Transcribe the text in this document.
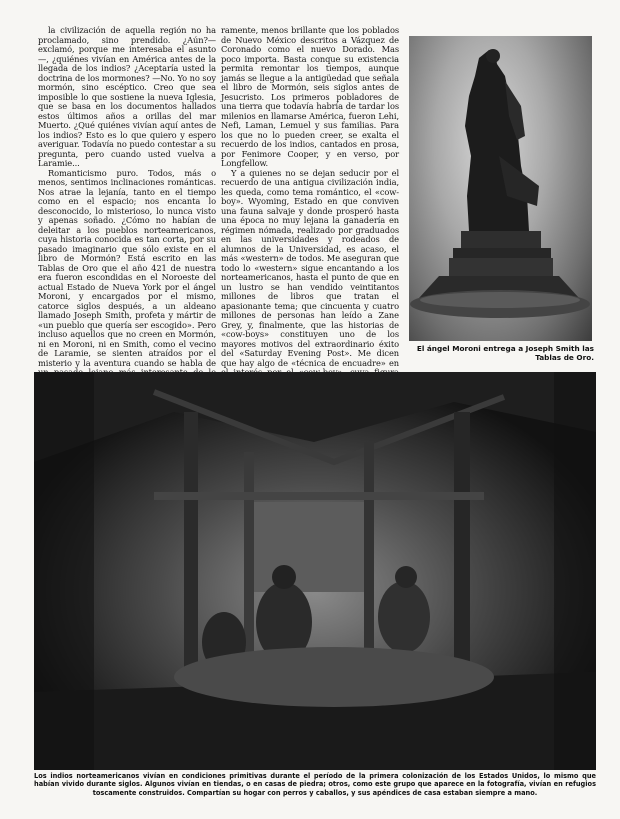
la civilización de aquella región no ha proclamado, sino prendido. ¿Aún?—exclamó, porque me interesaba el asunto—, ¿quiénes vivían en América antes de la llegada de los indios? ¿Aceptaría usted la doctrina de los mormones? —No. Yo no soy mormón, sino escéptico. Creo que sea imposible lo que sostiene la nueva Iglesia, que se basa en los documentos hallados estos últimos años a orillas del mar Muerto. ¿Qué quiénes vivían aquí antes de los indios? Esto es lo que quiero y espero averiguar. Todavía no puedo contestar a su pregunta, pero cuando usted vuelva a Laramie...

Romanticismo puro. Todos, más o menos, sentimos inclinaciones románticas. Nos atrae la lejanía, tanto en el tiempo como en el espacio; nos encanta lo desconocido, lo misterioso, lo nunca visto y apenas soñado. ¿Cómo no habían de deleitar a los pueblos norteamericanos, cuya historia conocida es tan corta, por su pasado imaginario que sólo existe en el libro de Mormón? Está escrito en las Tablas de Oro que el año 421 de nuestra era fueron escondidas en el Noroeste del actual Estado de Nueva York por el ángel Moroni, y encargados por el mismo, catorce siglos después, a un aldeano llamado Joseph Smith, profeta y mártir de «un pueblo que quería ser escogido». Pero incluso aquellos que no creen en Mormón, ni en Moroni, ni en Smith, como el vecino de Laramie, se sienten atraídos por el misterio y la aventura cuando se habla de

ramente, menos brillante que los poblados de Nuevo México descritos a Vázquez de Coronado como el nuevo Dorado. Mas poco importa. Basta conque su existencia permita remontar los tiempos, aunque jamás se llegue a la antigüedad que señala el libro de Mormón, seis siglos antes de Jesucristo. Los primeros pobladores de una tierra que todavía habría de tardar los milenios en llamarse América, fueron Lehi, Nefi, Laman, Lemuel y sus familias. Para los que no lo pueden creer, se exalta el recuerdo de los indios, cantados en prosa, por Fenimore Cooper, y en verso, por Longfellow.

Y a quienes no se dejan seducir por el recuerdo de una antigua civilización india, les queda, como tema romántico, el «cow-boy». Wyoming, Estado en que conviven una fauna salvaje y donde prosperó hasta una época no muy lejana la ganadería en régimen nómada, realizado por graduados en las universidades y rodeados de alumnos de la Universidad, es acaso, el más «western» de todos. Me aseguran que todo lo «western» sigue encantando a los norteamericanos, hasta el punto de que en un lustro se han vendido veintitantos millones de libros que tratan el apasionante tema; que cincuenta y cuatro millones de personas han leído a Zane Grey, y, finalmente, que las historias de «cow-boys» constituyen uno de los mayores motivos del extraordinario éxito del «Saturday Evening Post». Me dicen que hay algo de «técnica de encuadre» en

El ángel Moroni entrega a Joseph Smith las Tablas de Oro.
Los indios norteamericanos vivían en condiciones primitivas durante el período de la primera colonización de los Estados Unidos, lo mismo que habían vivido durante siglos. Algunos vivían en tiendas, o en casas de piedra; otros, como este grupo que aparece en la fotografía, vivían en refugios toscamente construidos. Compartían su hogar con perros y caballos, y sus apéndices de casa estaban siempre a mano.
